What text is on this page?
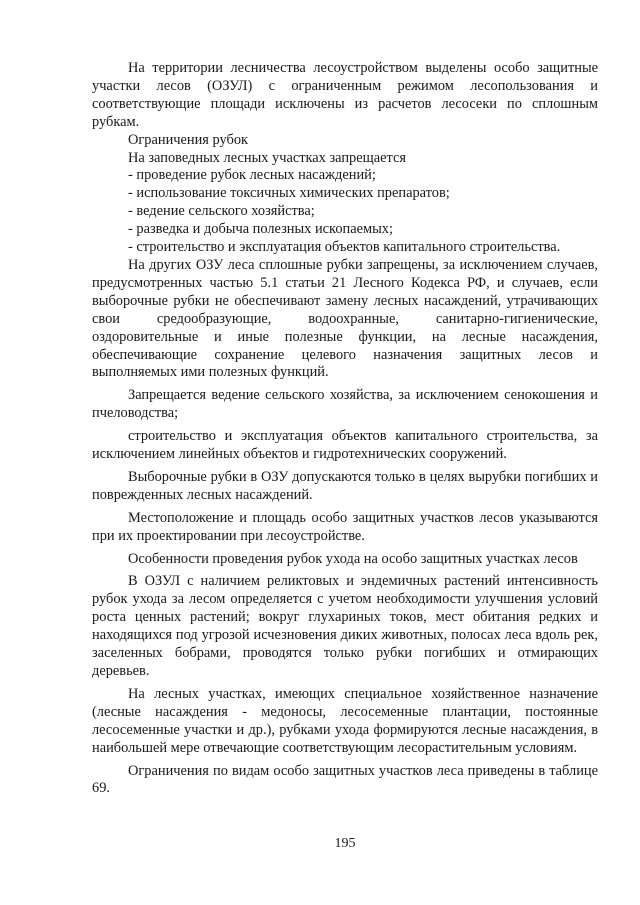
На территории лесничества лесоустройством выделены особо защитные участки лесов (ОЗУЛ) с ограниченным режимом лесопользования и соответствующие площади исключены из расчетов лесосеки по сплошным рубкам.

Ограничения рубок

На заповедных лесных участках запрещается

- проведение рубок лесных насаждений;

- использование токсичных химических препаратов;

- ведение сельского хозяйства;

- разведка и добыча полезных ископаемых;

- строительство и эксплуатация объектов капитального строительства.

На других ОЗУ леса сплошные рубки запрещены, за исключением случаев, предусмотренных частью 5.1 статьи 21 Лесного Кодекса РФ, и случаев, если выборочные рубки не обеспечивают замену лесных насаждений, утрачивающих свои средообразующие, водоохранные, санитарно-гигиенические, оздоровительные и иные полезные функции, на лесные насаждения, обеспечивающие сохранение целевого назначения защитных лесов и выполняемых ими полезных функций.

Запрещается ведение сельского хозяйства, за исключением сенокошения и пчеловодства;

строительство и эксплуатация объектов капитального строительства, за исключением линейных объектов и гидротехнических сооружений.

Выборочные рубки в ОЗУ допускаются только в целях вырубки погибших и поврежденных лесных насаждений.

Местоположение и площадь особо защитных участков лесов указываются при их проектировании при лесоустройстве.

Особенности проведения рубок ухода на особо защитных участках лесов

В ОЗУЛ с наличием реликтовых и эндемичных растений интенсивность рубок ухода за лесом определяется с учетом необходимости улучшения условий роста ценных растений; вокруг глухариных токов, мест обитания редких и находящихся под угрозой исчезновения диких животных, полосах леса вдоль рек, заселенных бобрами, проводятся только рубки погибших и отмирающих деревьев.

На лесных участках, имеющих специальное хозяйственное назначение (лесные насаждения - медоносы, лесосеменные плантации, постоянные лесосеменные участки и др.), рубками ухода формируются лесные насаждения, в наибольшей мере отвечающие соответствующим лесорастительным условиям.

Ограничения по видам особо защитных участков леса приведены в таблице 69.

195
